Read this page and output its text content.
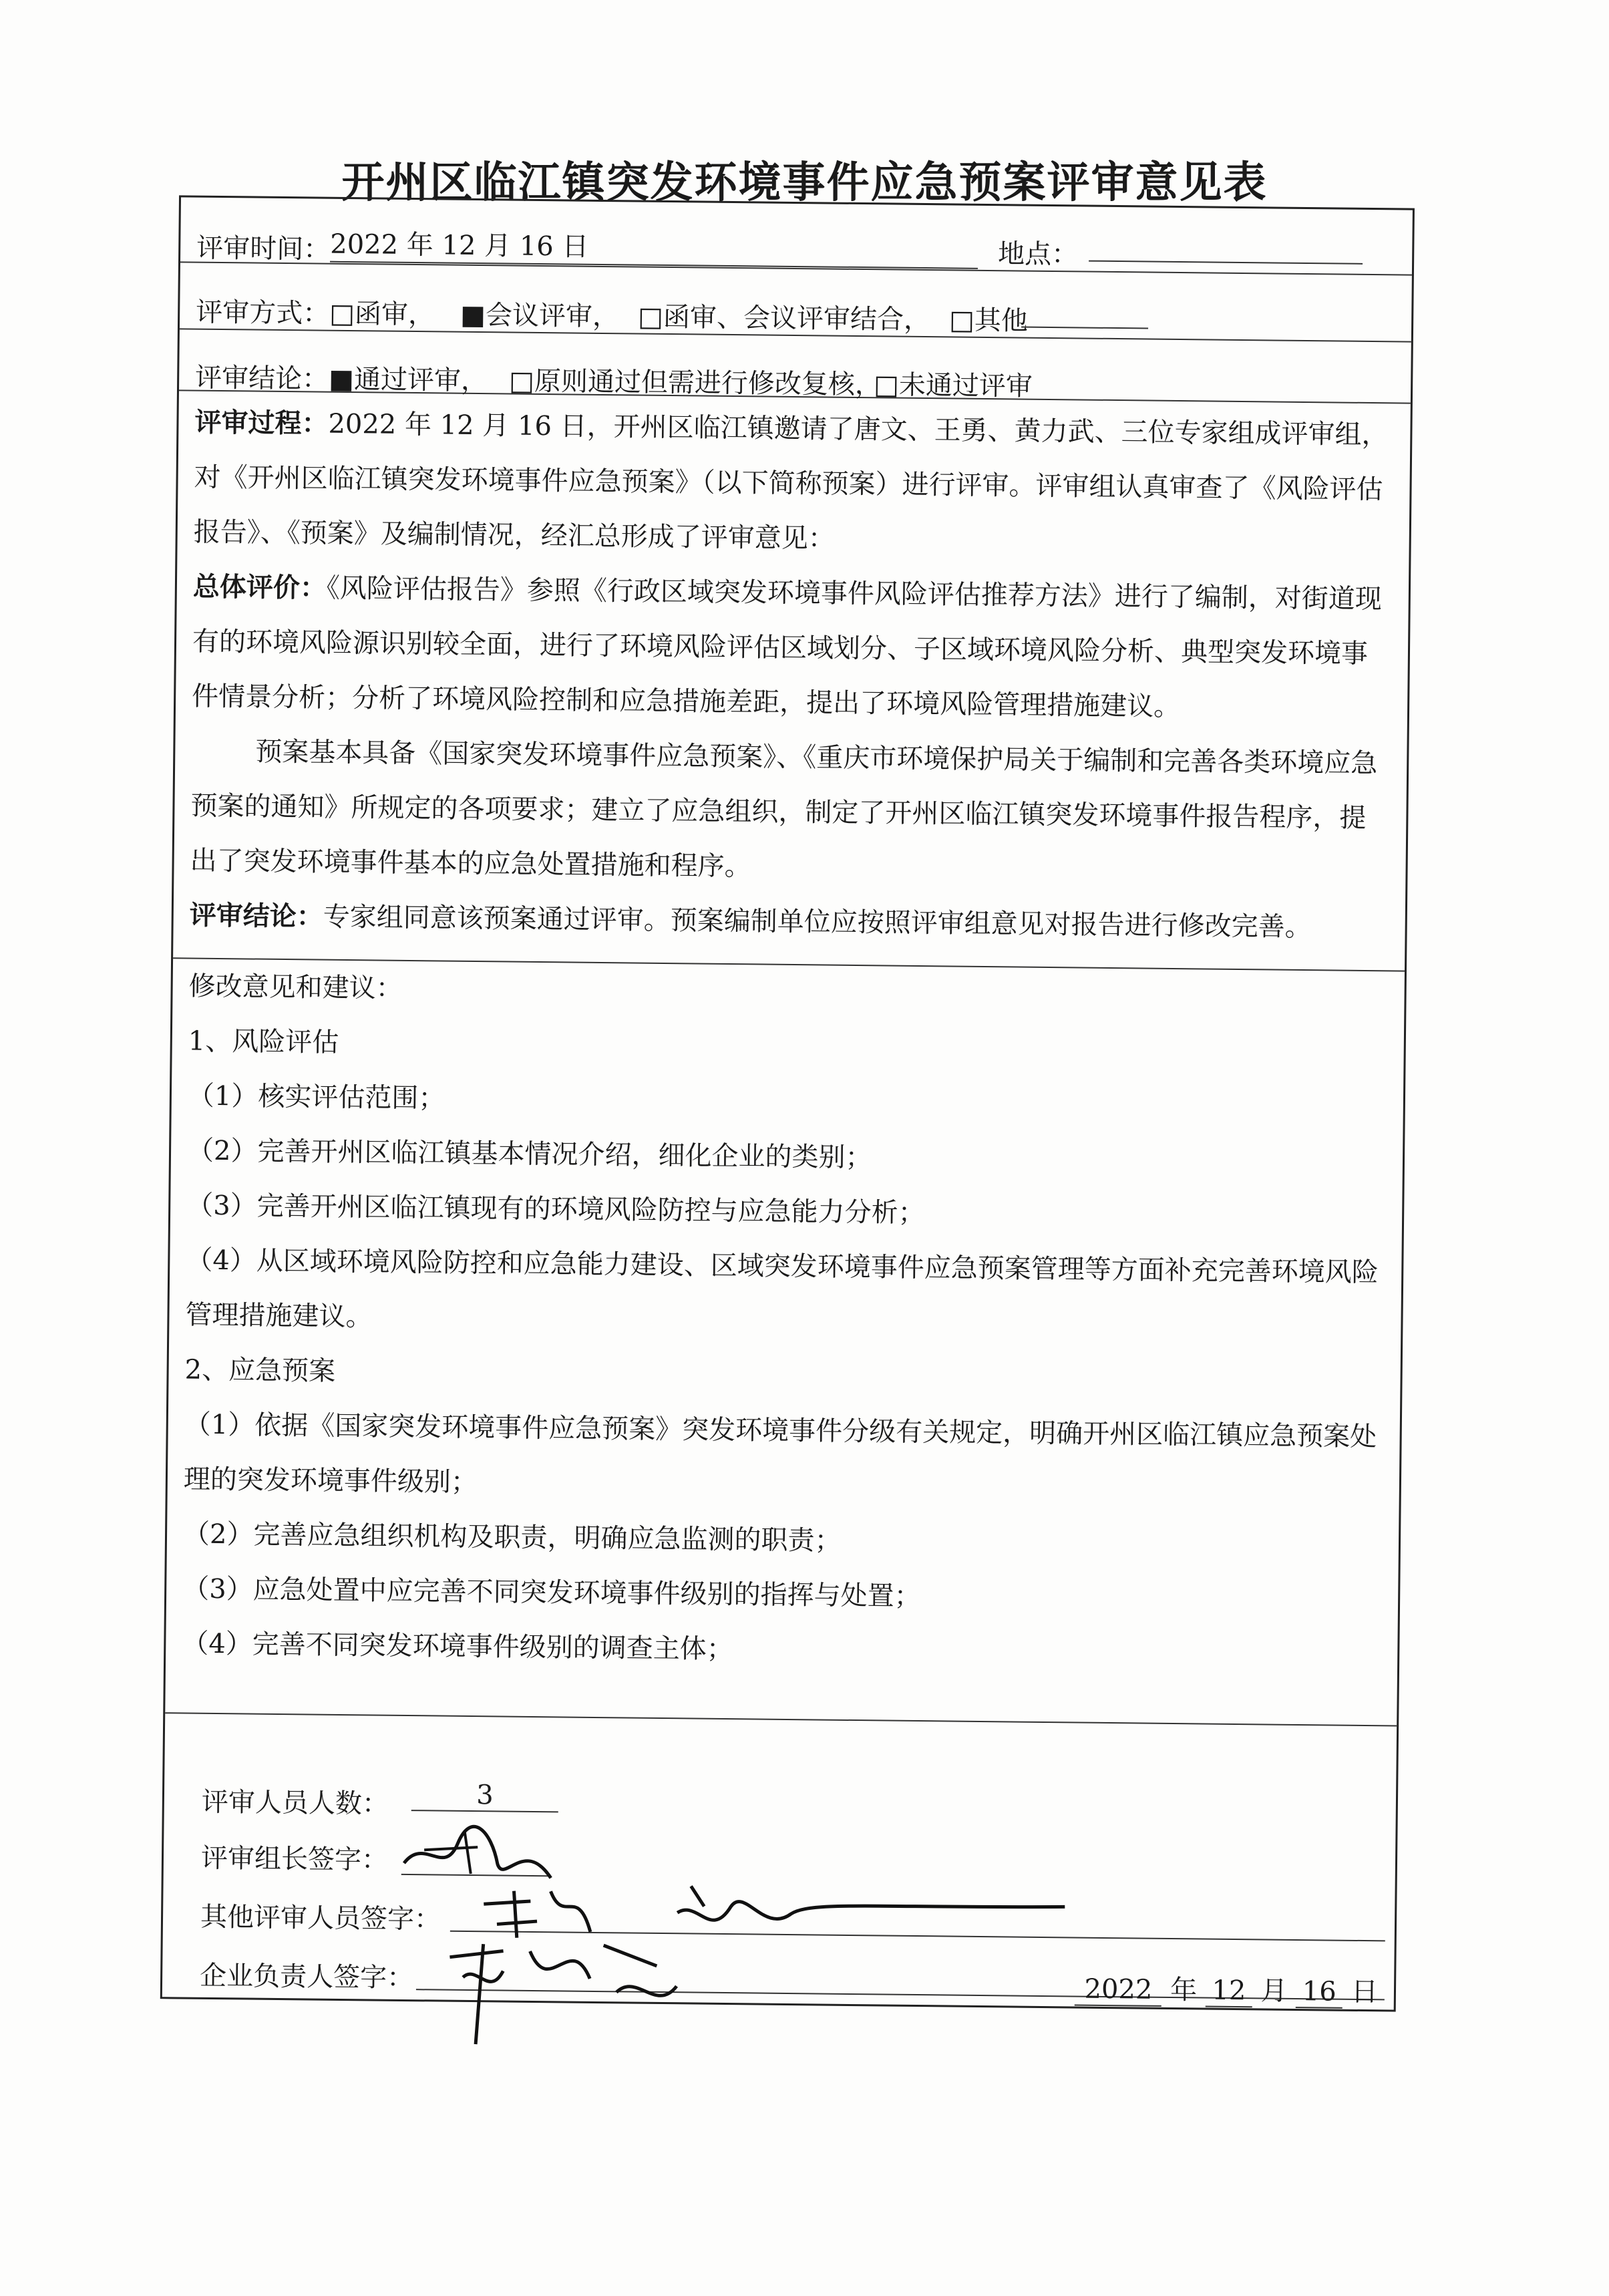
开州区临江镇突发环境事件应急预案评审意见表
评审时间： 2022 年 12 月 16 日	地点：
评审方式： □函审， ■会议评审， □函审、会议评审结合， □其他
评审结论： ■通过评审， □原则通过但需进行修改复核，
□未通过评审

评审过程：2022 年 12 月 16 日，开州区临江镇邀请了唐文、王勇、黄力武、三位专家组成评审组，对《开州区临江镇突发环境事件应急预案》（以下简称预案）进行评审。评审组认真审查了《风险评估报告》、《预案》及编制情况，经汇总形成了评审意见：

总体评价：《风险评估报告》参照《行政区域突发环境事件风险评估推荐方法》进行了编制，对街道现有的环境风险源识别较全面，进行了环境风险评估区域划分、子区域环境风险分析、典型突发环境事件情景分析；分析了环境风险控制和应急措施差距，提出了环境风险管理措施建议。

预案基本具备《国家突发环境事件应急预案》、《重庆市环境保护局关于编制和完善各类环境应急预案的通知》所规定的各项要求；建立了应急组织，制定了开州区临江镇突发环境事件报告程序，提出了突发环境事件基本的应急处置措施和程序。

评审结论：专家组同意该预案通过评审。预案编制单位应按照评审组意见对报告进行修改完善。

修改意见和建议：

1、风险评估

（1）核实评估范围；

（2）完善开州区临江镇基本情况介绍，细化企业的类别；

（3）完善开州区临江镇现有的环境风险防控与应急能力分析；

（4）从区域环境风险防控和应急能力建设、区域突发环境事件应急预案管理等方面补充完善环境风险管理措施建议。

2、应急预案

（1）依据《国家突发环境事件应急预案》突发环境事件分级有关规定，明确开州区临江镇应急预案处理的突发环境事件级别；

（2）完善应急组织机构及职责，明确应急监测的职责；

（3）应急处置中应完善不同突发环境事件级别的指挥与处置；

（4）完善不同突发环境事件级别的调查主体；

评审人员人数：	3
评审组长签字：
其他评审人员签字：
企业负责人签字：	2022 年 12 月 16 日
